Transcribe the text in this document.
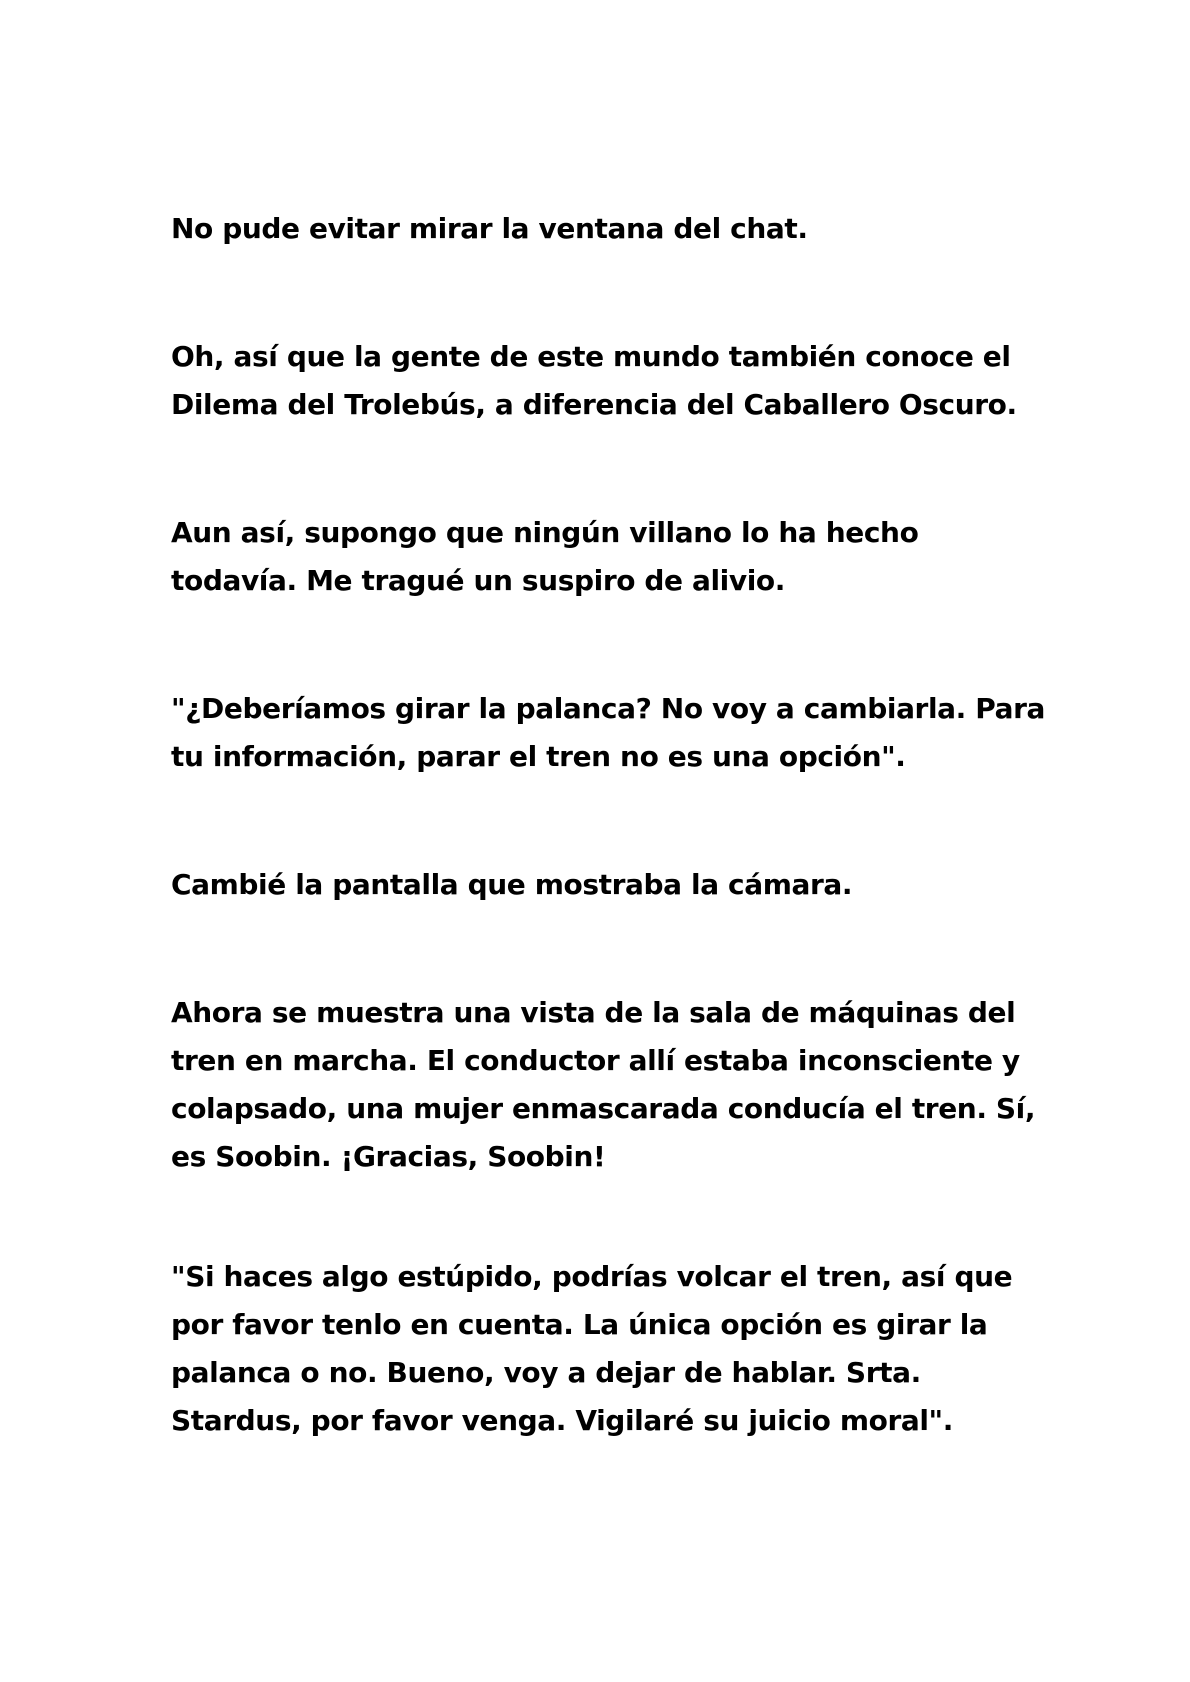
No pude evitar mirar la ventana del chat.

Oh, así que la gente de este mundo también conoce el
Dilema del Trolebús, a diferencia del Caballero Oscuro.

Aun así, supongo que ningún villano lo ha hecho
todavía. Me tragué un suspiro de alivio.

"¿Deberíamos girar la palanca? No voy a cambiarla. Para
tu información, parar el tren no es una opción".

Cambié la pantalla que mostraba la cámara.

Ahora se muestra una vista de la sala de máquinas del
tren en marcha. El conductor allí estaba inconsciente y
colapsado, una mujer enmascarada conducía el tren. Sí,
es Soobin. ¡Gracias, Soobin!

"Si haces algo estúpido, podrías volcar el tren, así que
por favor tenlo en cuenta. La única opción es girar la
palanca o no. Bueno, voy a dejar de hablar. Srta.
Stardus, por favor venga. Vigilaré su juicio moral".
